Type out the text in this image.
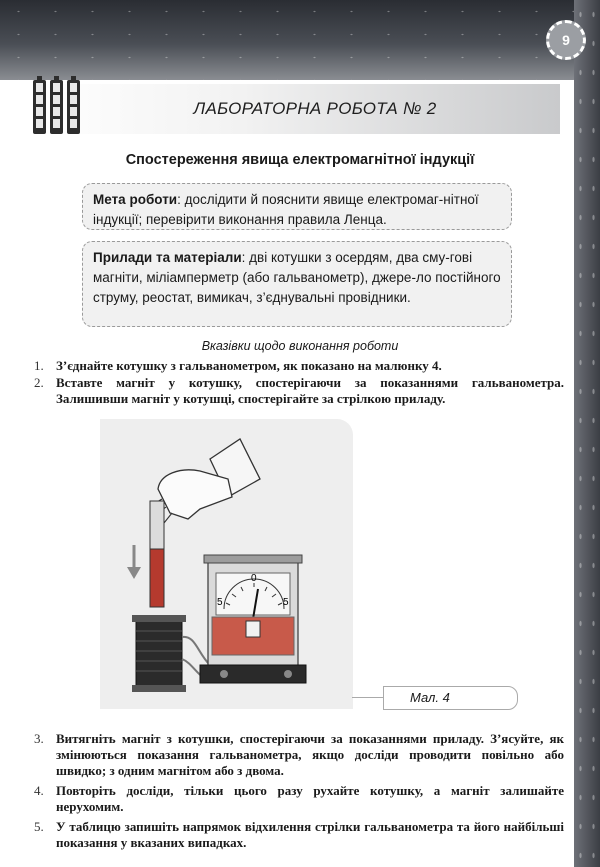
9
ЛАБОРАТОРНА РОБОТА № 2
Спостереження явища електромагнітної індукції
Мета роботи: дослідити й пояснити явище електромаг-нітної індукції; перевірити виконання правила Ленца.
Прилади та матеріали: дві котушки з осердям, два сму-гові магніти, міліамперметр (або гальванометр), джере-ло постійного струму, реостат, вимикач, з’єднувальні провідники.
Вказівки щодо виконання роботи
1. З’єднайте котушку з гальванометром, як показано на малюнку 4.
2. Вставте магніт у котушку, спостерігаючи за показаннями гальванометра. Залишивши магніт у котушці, спостерігайте за стрілкою приладу.
5
0
5
Мал. 4
3. Витягніть магніт з котушки, спостерігаючи за показаннями приладу. З’ясуйте, як змінюються показання гальванометра, якщо досліди проводити повільно або швидко; з одним магнітом або з двома.
4. Повторіть досліди, тільки цього разу рухайте котушку, а магніт залишайте нерухомим.
5. У таблицю запишіть напрямок відхилення стрілки гальванометра та його найбільші показання у вказаних випадках.
